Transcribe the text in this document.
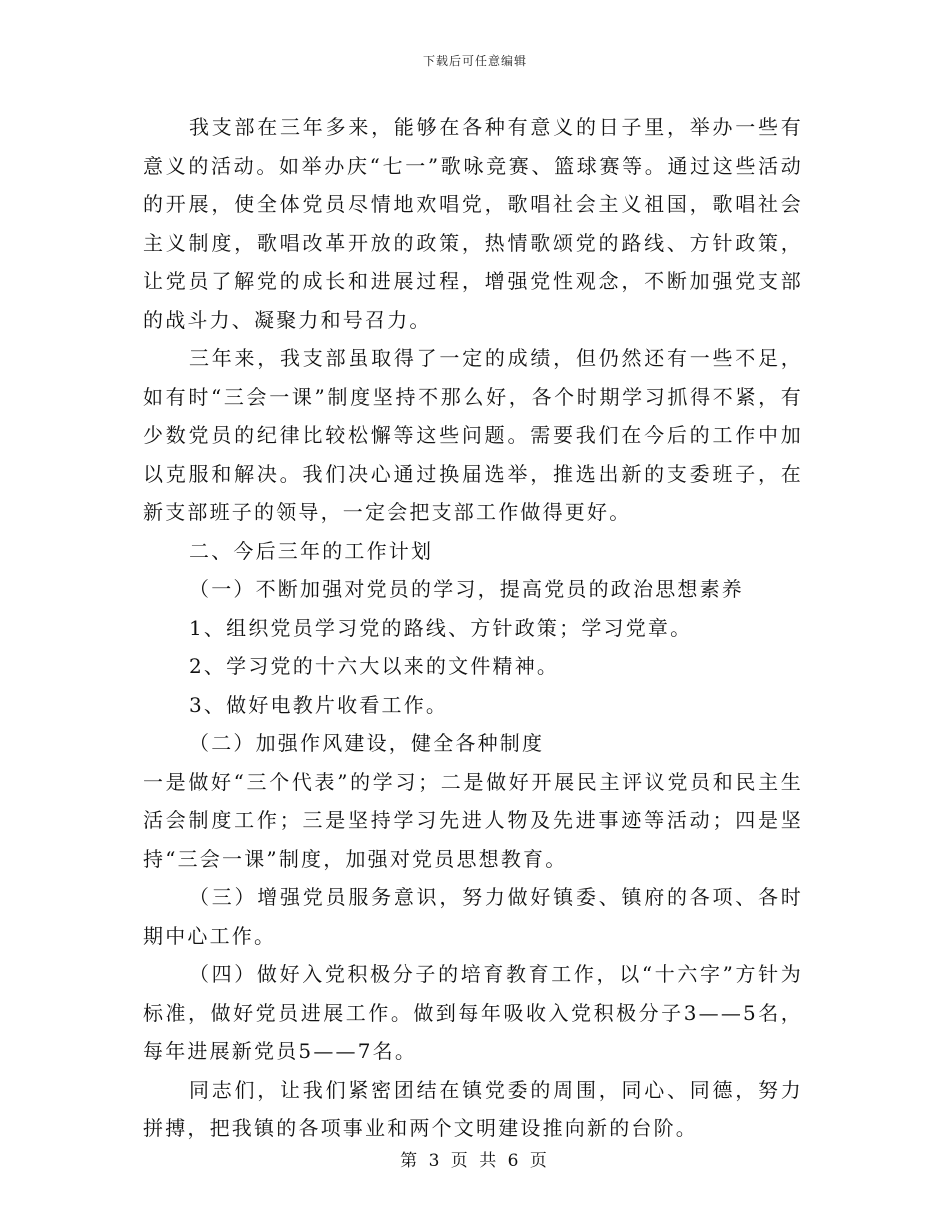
下载后可任意编辑

我支部在三年多来，能够在各种有意义的日子里，举办一些有意义的活动。如举办庆“七一”歌咏竞赛、篮球赛等。通过这些活动的开展，使全体党员尽情地欢唱党，歌唱社会主义祖国，歌唱社会主义制度，歌唱改革开放的政策，热情歌颂党的路线、方针政策，让党员了解党的成长和进展过程，增强党性观念，不断加强党支部的战斗力、凝聚力和号召力。

三年来，我支部虽取得了一定的成绩，但仍然还有一些不足，如有时“三会一课”制度坚持不那么好，各个时期学习抓得不紧，有少数党员的纪律比较松懈等这些问题。需要我们在今后的工作中加以克服和解决。我们决心通过换届选举，推选出新的支委班子，在新支部班子的领导，一定会把支部工作做得更好。

二、今后三年的工作计划

（一）不断加强对党员的学习，提高党员的政治思想素养

1、组织党员学习党的路线、方针政策；学习党章。

2、学习党的十六大以来的文件精神。

3、做好电教片收看工作。

（二）加强作风建设，健全各种制度

一是做好“三个代表”的学习；二是做好开展民主评议党员和民主生活会制度工作；三是坚持学习先进人物及先进事迹等活动；四是坚持“三会一课”制度，加强对党员思想教育。

（三）增强党员服务意识，努力做好镇委、镇府的各项、各时期中心工作。

（四）做好入党积极分子的培育教育工作，以“十六字”方针为标准，做好党员进展工作。做到每年吸收入党积极分子3——5名，每年进展新党员5——7名。

同志们，让我们紧密团结在镇党委的周围，同心、同德，努力拼搏，把我镇的各项事业和两个文明建设推向新的台阶。

第 3 页 共 6 页
